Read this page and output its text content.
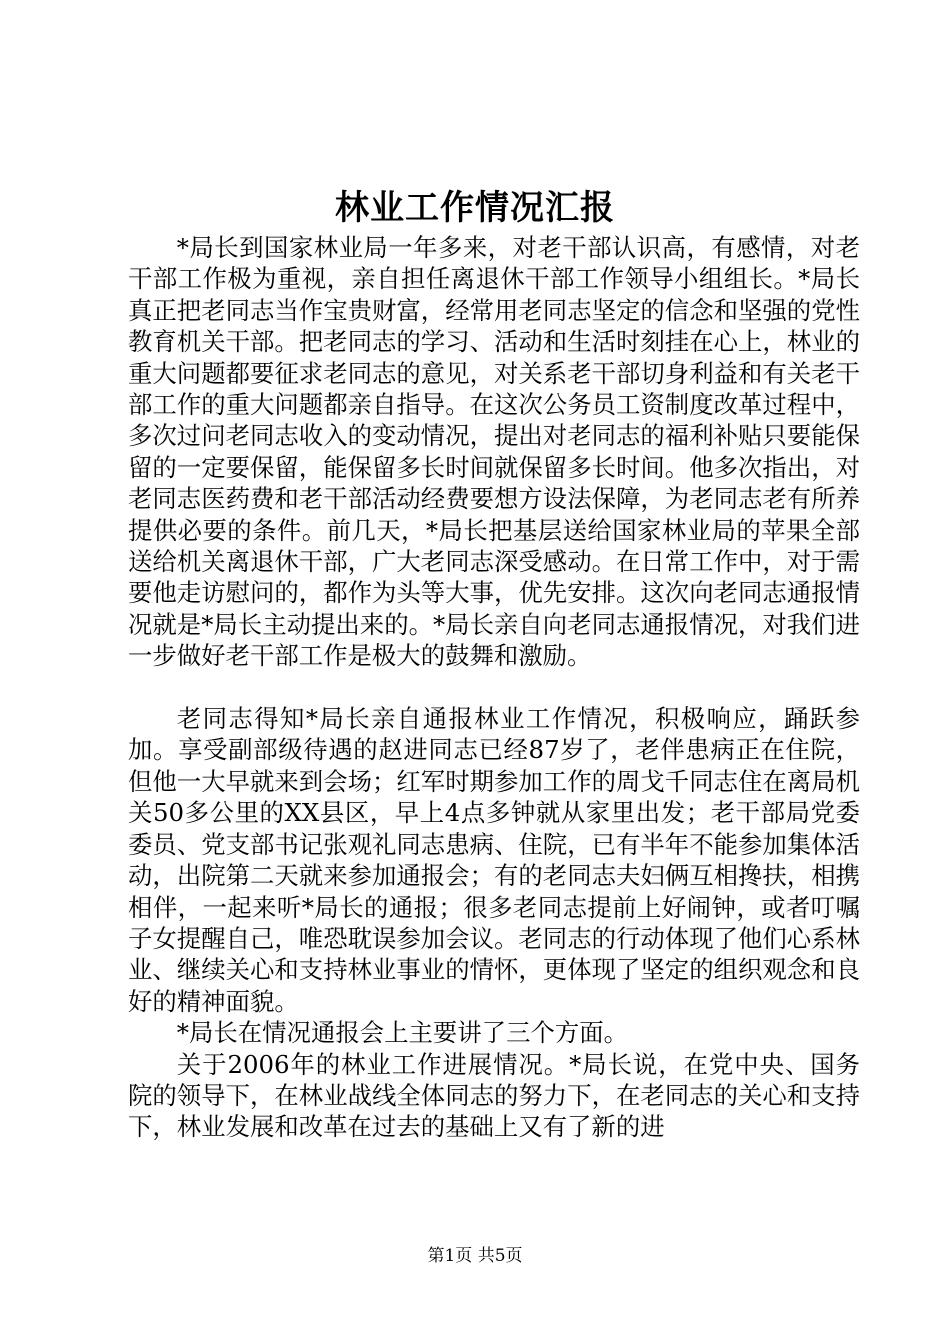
林业工作情况汇报

*局长到国家林业局一年多来，对老干部认识高，有感情，对老干部工作极为重视，亲自担任离退休干部工作领导小组组长。*局长真正把老同志当作宝贵财富，经常用老同志坚定的信念和坚强的党性教育机关干部。把老同志的学习、活动和生活时刻挂在心上，林业的重大问题都要征求老同志的意见，对关系老干部切身利益和有关老干部工作的重大问题都亲自指导。在这次公务员工资制度改革过程中，多次过问老同志收入的变动情况，提出对老同志的福利补贴只要能保留的一定要保留，能保留多长时间就保留多长时间。他多次指出，对老同志医药费和老干部活动经费要想方设法保障，为老同志老有所养提供必要的条件。前几天，*局长把基层送给国家林业局的苹果全部送给机关离退休干部，广大老同志深受感动。在日常工作中，对于需要他走访慰问的，都作为头等大事，优先安排。这次向老同志通报情况就是*局长主动提出来的。*局长亲自向老同志通报情况，对我们进一步做好老干部工作是极大的鼓舞和激励。

老同志得知*局长亲自通报林业工作情况，积极响应，踊跃参加。享受副部级待遇的赵进同志已经87岁了，老伴患病正在住院，但他一大早就来到会场；红军时期参加工作的周戈千同志住在离局机关50多公里的XX县区，早上4点多钟就从家里出发；老干部局党委委员、党支部书记张观礼同志患病、住院，已有半年不能参加集体活动，出院第二天就来参加通报会；有的老同志夫妇俩互相搀扶，相携相伴，一起来听*局长的通报；很多老同志提前上好闹钟，或者叮嘱子女提醒自己，唯恐耽误参加会议。老同志的行动体现了他们心系林业、继续关心和支持林业事业的情怀，更体现了坚定的组织观念和良好的精神面貌。

*局长在情况通报会上主要讲了三个方面。

关于2006年的林业工作进展情况。*局长说，在党中央、国务院的领导下，在林业战线全体同志的努力下，在老同志的关心和支持下，林业发展和改革在过去的基础上又有了新的进

第1页 共5页
